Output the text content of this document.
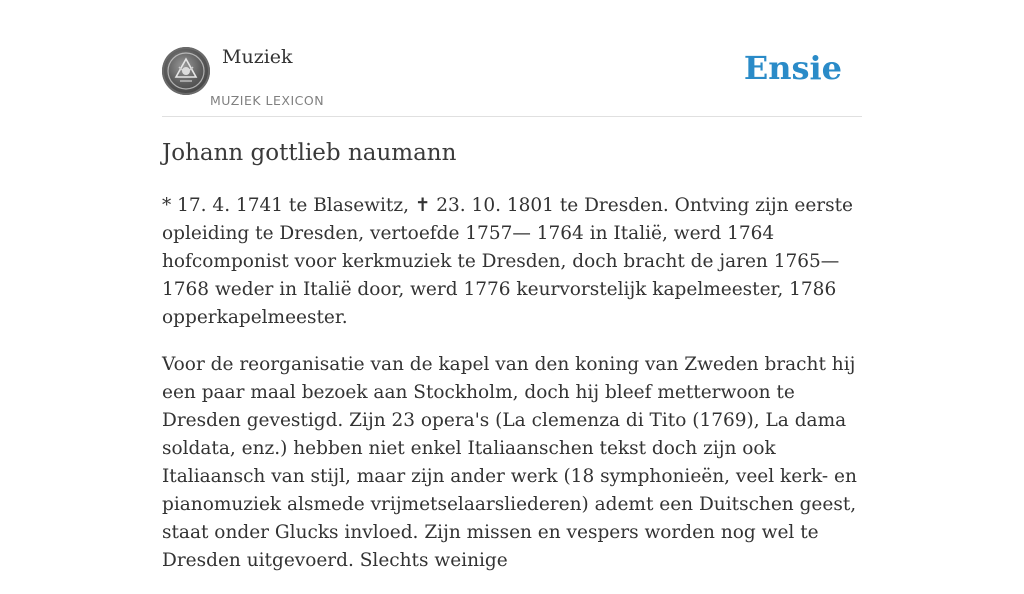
Muziek
MUZIEK LEXICON
Ensie
Johann gottlieb naumann

* 17. 4. 1741 te Blasewitz, ✝ 23. 10. 1801 te Dresden. Ontving zijn eerste opleiding te Dresden, vertoefde 1757— 1764 in Italië, werd 1764 hofcomponist voor kerkmuziek te Dresden, doch bracht de jaren 1765—1768 weder in Italië door, werd 1776 keurvorstelijk kapelmeester, 1786 opperkapelmeester.

Voor de reorganisatie van de kapel van den koning van Zweden bracht hij een paar maal bezoek aan Stockholm, doch hij bleef metterwoon te Dresden gevestigd. Zijn 23 opera's (La clemenza di Tito (1769), La dama soldata, enz.) hebben niet enkel Italiaanschen tekst doch zijn ook Italiaansch van stijl, maar zijn ander werk (18 symphonieën, veel kerk- en pianomuziek alsmede vrijmetselaarsliederen) ademt een Duitschen geest, staat onder Glucks invloed. Zijn missen en vespers worden nog wel te Dresden uitgevoerd. Slechts weinige
